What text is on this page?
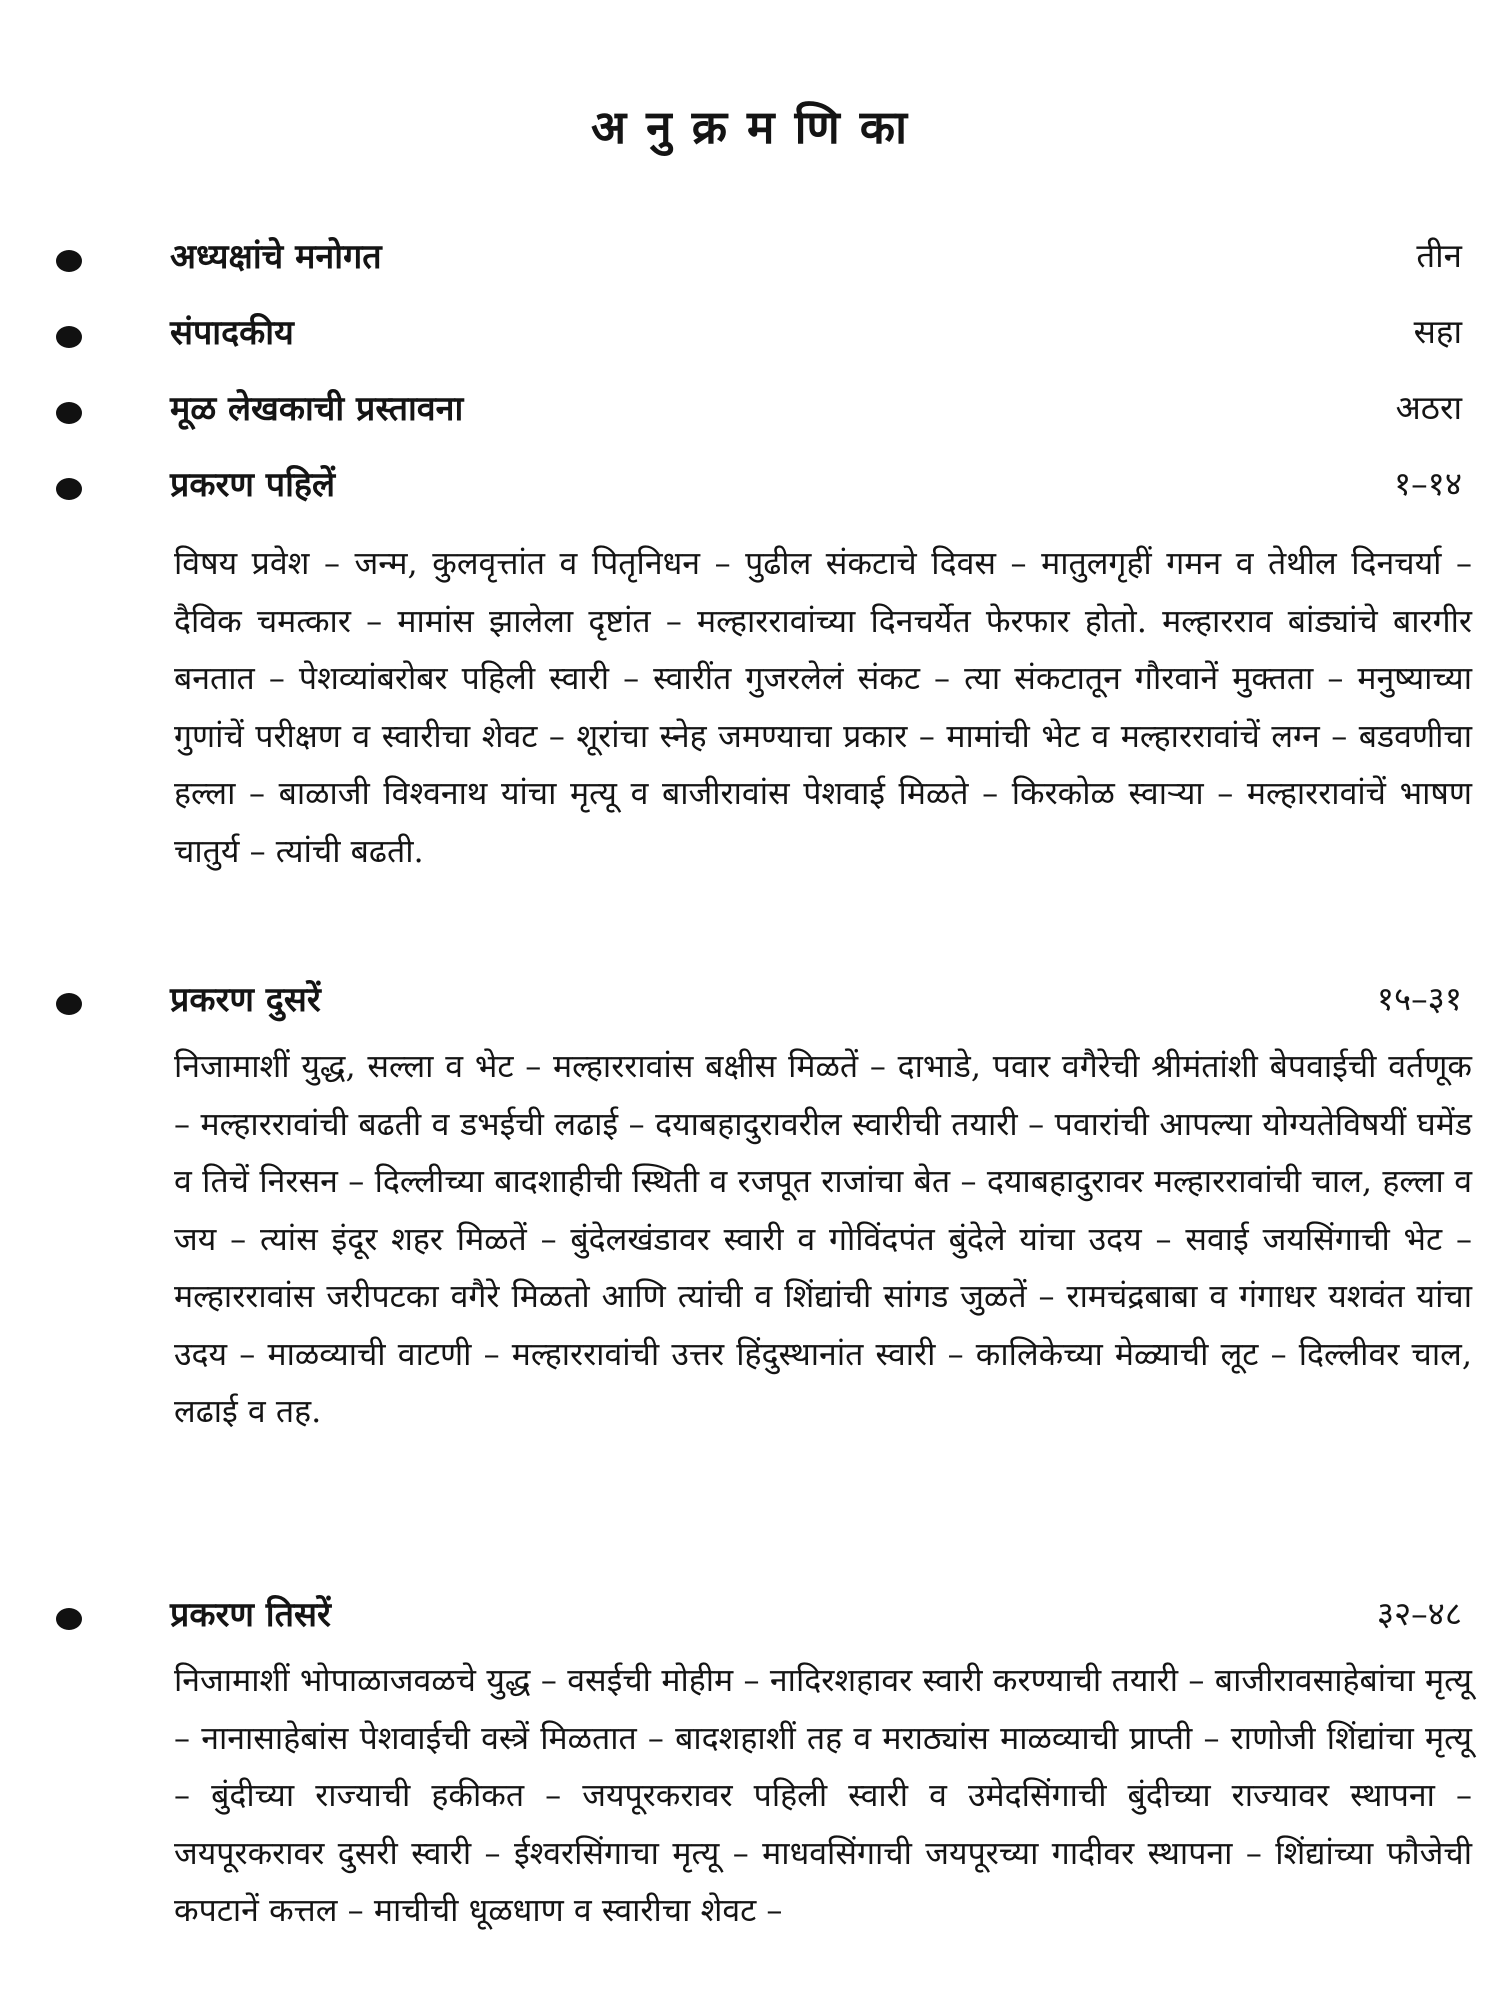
अ नु क्र म णि का
अध्यक्षांचे मनोगत	तीन
संपादकीय	सहा
मूळ लेखकाची प्रस्तावना	अठरा
प्रकरण पहिलें	१–१४

विषय प्रवेश – जन्म, कुलवृत्तांत व पितृनिधन – पुढील संकटाचे दिवस – मातुलगृहीं गमन व तेथील दिनचर्या – दैविक चमत्कार – मामांस झालेला दृष्टांत – मल्हाररावांच्या दिनचर्येत फेरफार होतो. मल्हारराव बांड्यांचे बारगीर बनतात – पेशव्यांबरोबर पहिली स्वारी – स्वारींत गुजरलेलं संकट – त्या संकटातून गौरवानें मुक्तता – मनुष्याच्या गुणांचें परीक्षण व स्वारीचा शेवट – शूरांचा स्नेह जमण्याचा प्रकार – मामांची भेट व मल्हाररावांचें लग्न – बडवणीचा हल्ला – बाळाजी विश्वनाथ यांचा मृत्यू व बाजीरावांस पेशवाई मिळते – किरकोळ स्वाऱ्या – मल्हाररावांचें भाषण चातुर्य – त्यांची बढती.

प्रकरण दुसरें	१५–३१

निजामाशीं युद्ध, सल्ला व भेट – मल्हाररावांस बक्षीस मिळतें – दाभाडे, पवार वगैरेची श्रीमंतांशी बेपवाईची वर्तणूक – मल्हाररावांची बढती व डभईची लढाई – दयाबहादुरावरील स्वारीची तयारी – पवारांची आपल्या योग्यतेविषयीं घमेंड व तिचें निरसन – दिल्लीच्या बादशाहीची स्थिती व रजपूत राजांचा बेत – दयाबहादुरावर मल्हाररावांची चाल, हल्ला व जय – त्यांस इंदूर शहर मिळतें – बुंदेलखंडावर स्वारी व गोविंदपंत बुंदेले यांचा उदय – सवाई जयसिंगाची भेट – मल्हाररावांस जरीपटका वगैरे मिळतो आणि त्यांची व शिंद्यांची सांगड जुळतें – रामचंद्रबाबा व गंगाधर यशवंत यांचा उदय – माळव्याची वाटणी – मल्हाररावांची उत्तर हिंदुस्थानांत स्वारी – कालिकेच्या मेळ्याची लूट – दिल्लीवर चाल, लढाई व तह.

प्रकरण तिसरें	३२–४८

निजामाशीं भोपाळाजवळचे युद्ध – वसईची मोहीम – नादिरशहावर स्वारी करण्याची तयारी – बाजीरावसाहेबांचा मृत्यू – नानासाहेबांस पेशवाईची वस्त्रें मिळतात – बादशहाशीं तह व मराठ्यांस माळव्याची प्राप्ती – राणोजी शिंद्यांचा मृत्यू – बुंदीच्या राज्याची हकीकत – जयपूरकरावर पहिली स्वारी व उमेदसिंगाची बुंदीच्या राज्यावर स्थापना – जयपूरकरावर दुसरी स्वारी – ईश्वरसिंगाचा मृत्यू – माधवसिंगाची जयपूरच्या गादीवर स्थापना – शिंद्यांच्या फौजेची कपटानें कत्तल – माचीची धूळधाण व स्वारीचा शेवट –
